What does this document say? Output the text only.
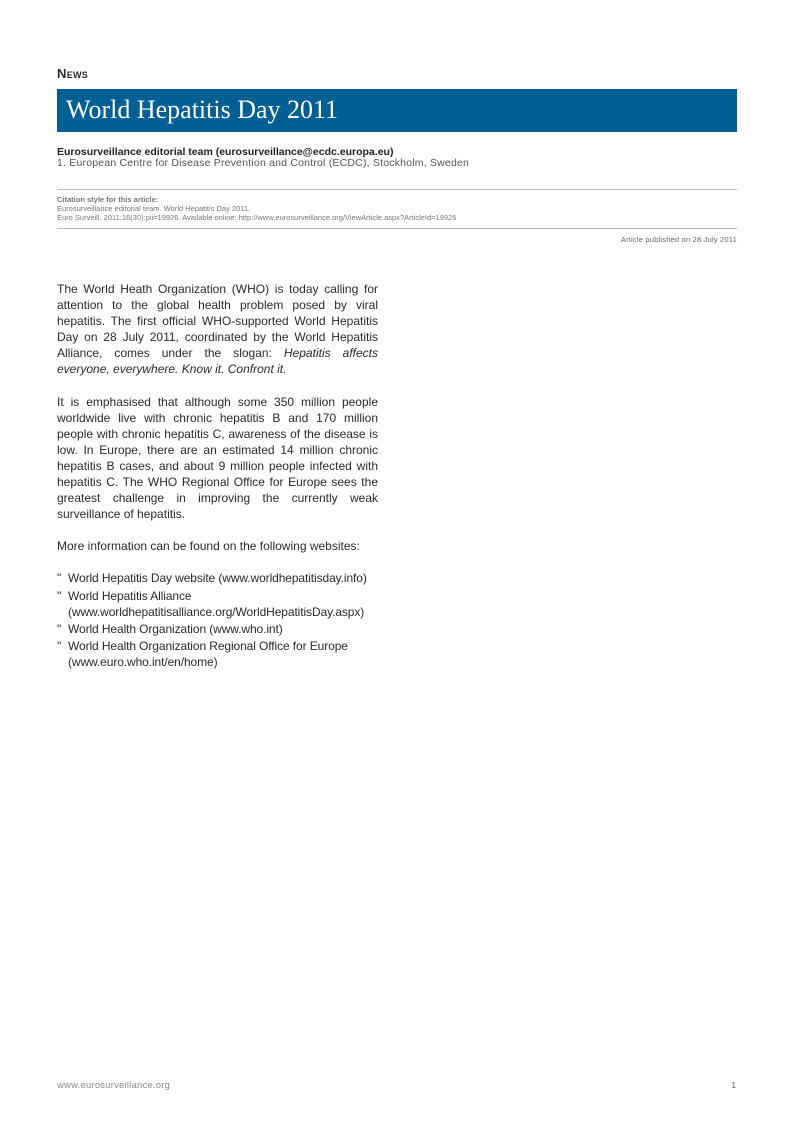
News
World Hepatitis Day 2011
Eurosurveillance editorial team (eurosurveillance@ecdc.europa.eu)
1. European Centre for Disease Prevention and Control (ECDC), Stockholm, Sweden
Citation style for this article:
Eurosurveillance editorial team. World Hepatitis Day 2011.
Euro Surveill. 2011;16(30):pii=19926. Available online: http://www.eurosurveillance.org/ViewArticle.aspx?ArticleId=19926
Article published on 28 July 2011

The World Heath Organization (WHO) is today calling for attention to the global health problem posed by viral hepatitis. The first official WHO-supported World Hepatitis Day on 28 July 2011, coordinated by the World Hepatitis Alliance, comes under the slogan: Hepatitis affects everyone, everywhere. Know it. Confront it.

It is emphasised that although some 350 million people worldwide live with chronic hepatitis B and 170 million people with chronic hepatitis C, awareness of the disease is low. In Europe, there are an estimated 14 million chronic hepatitis B cases, and about 9 million people infected with hepatitis C. The WHO Regional Office for Europe sees the greatest challenge in improving the currently weak surveillance of hepatitis.

More information can be found on the following websites:

" World Hepatitis Day website (www.worldhepatitisday.info)
" World Hepatitis Alliance (www.worldhepatitisalliance.org/WorldHepatitisDay.aspx)
" World Health Organization (www.who.int)
" World Health Organization Regional Office for Europe (www.euro.who.int/en/home)
www.eurosurveillance.org	1
